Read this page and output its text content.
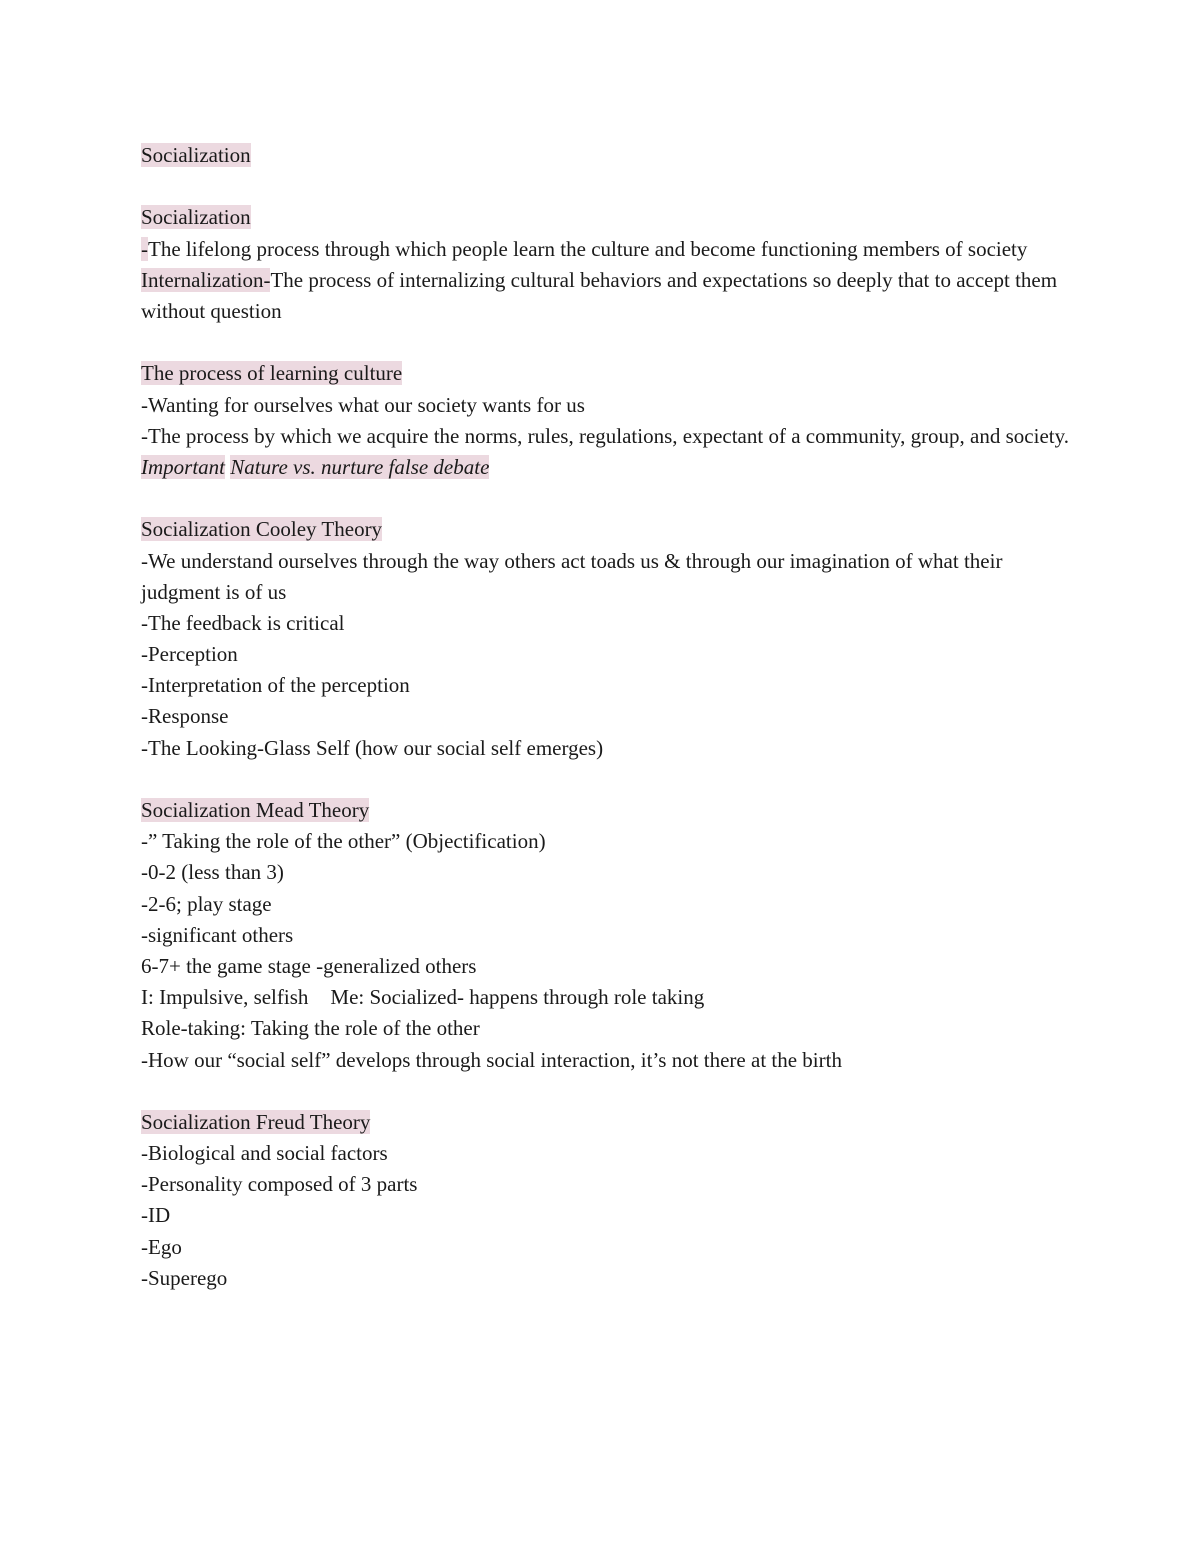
Socialization
Socialization
-The lifelong process through which people learn the culture and become functioning members of society
Internalization-The process of internalizing cultural behaviors and expectations so deeply that to accept them without question
The process of learning culture
-Wanting for ourselves what our society wants for us
-The process by which we acquire the norms, rules, regulations, expectant of a community, group, and society.
Important Nature vs. nurture false debate
Socialization Cooley Theory
-We understand ourselves through the way others act toads us & through our imagination of what their judgment is of us
-The feedback is critical
-Perception
-Interpretation of the perception
-Response
-The Looking-Glass Self (how our social self emerges)
Socialization Mead Theory
-” Taking the role of the other” (Objectification)
-0-2 (less than 3)
-2-6; play stage
-significant others
6-7+ the game stage -generalized others
I: Impulsive, selfish Me: Socialized- happens through role taking
Role-taking: Taking the role of the other
-How our “social self” develops through social interaction, it’s not there at the birth
Socialization Freud Theory
-Biological and social factors
-Personality composed of 3 parts
-ID
-Ego
-Superego
